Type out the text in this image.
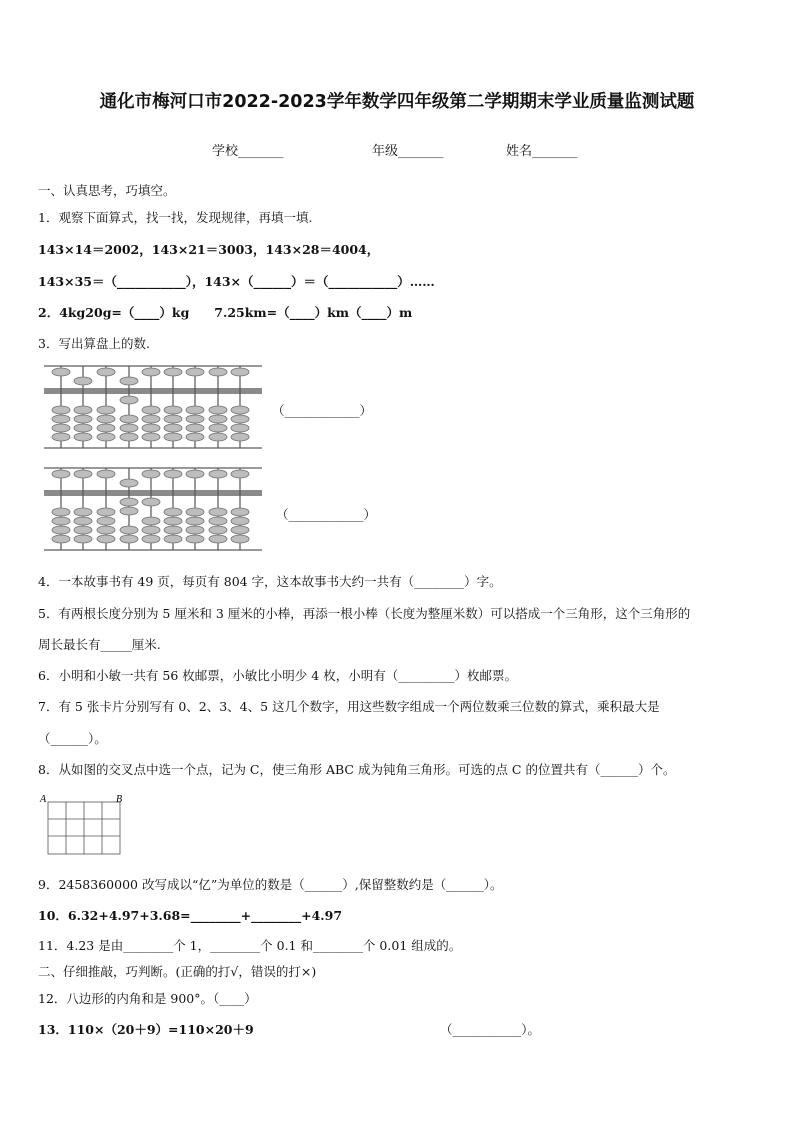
通化市梅河口市2022-2023学年数学四年级第二学期期末学业质量监测试题
学校_______	年级_______	姓名_______
一、认真思考，巧填空。
1．观察下面算式，找一找，发现规律，再填一填.
143×14＝2002，143×21＝3003，143×28＝4004，
143×35＝（___________），143×（______）＝（___________）……
2．4kg20g=（____）kg　　7.25km=（____）km（____）m
3．写出算盘上的数.
（____________）
（____________）
4．一本故事书有 49 页，每页有 804 字，这本故事书大约一共有（________）字。
5．有两根长度分别为 5 厘米和 3 厘米的小棒，再添一根小棒（长度为整厘米数）可以搭成一个三角形，这个三角形的
周长最长有_____厘米.
6．小明和小敏一共有 56 枚邮票，小敏比小明少 4 枚，小明有（_________）枚邮票。
7．有 5 张卡片分别写有 0、2、3、4、5 这几个数字，用这些数字组成一个两位数乘三位数的算式，乘积最大是
（______）。
8．从如图的交叉点中选一个点，记为 C，使三角形 ABC 成为钝角三角形。可选的点 C 的位置共有（______）个。
A	B
9．2458360000 改写成以“亿”为单位的数是（______）,保留整数约是（______）。
10．6.32+4.97+3.68=________+________+4.97
11．4.23 是由________个 1，________个 0.1 和________个 0.01 组成的。
二、仔细推敲，巧判断。(正确的打√，错误的打×)
12．八边形的内角和是 900°。（____）
13．110×（20＋9）=110×20＋9	（___________）。
